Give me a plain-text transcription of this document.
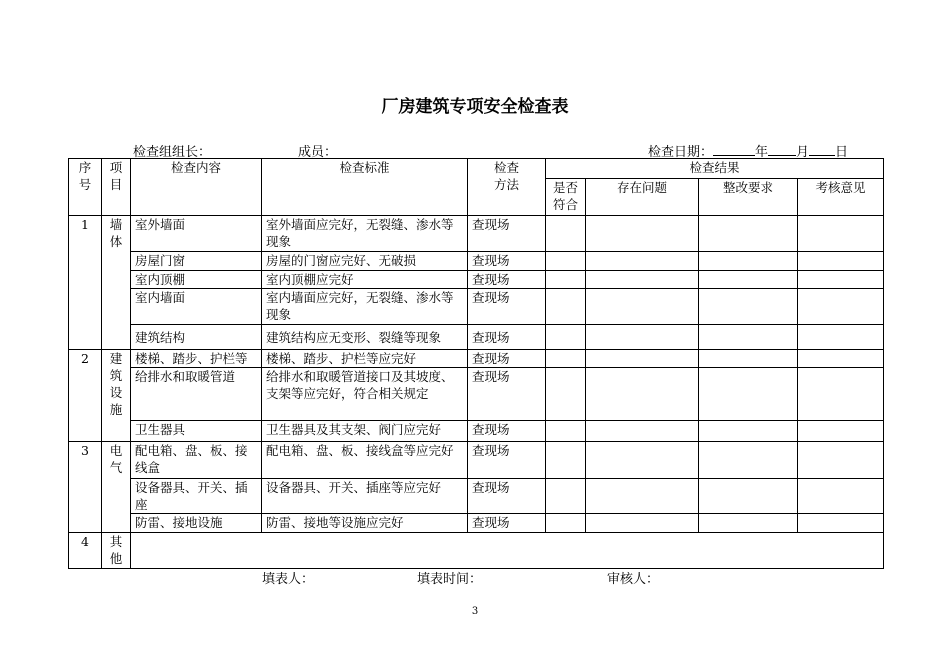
厂房建筑专项安全检查表
检查组组长：	成员：	检查日期：	年 月 日
序号	项目	检查内容	检查标准	检查方法	检查结果			

					是否符合	存在问题	整改要求	考核意见
1	墙体	室外墙面	室外墙面应完好，无裂缝、渗水等现象	查现场				
		房屋门窗	房屋的门窗应完好、无破损	查现场				
		室内顶棚	室内顶棚应完好	查现场				
		室内墙面	室内墙面应完好，无裂缝、渗水等现象	查现场				
		建筑结构	建筑结构应无变形、裂缝等现象	查现场				
2	建筑设施	楼梯、踏步、护栏等	楼梯、踏步、护栏等应完好	查现场				
		给排水和取暖管道	给排水和取暖管道接口及其坡度、支架等应完好，符合相关规定	查现场				
		卫生器具	卫生器具及其支架、阀门应完好	查现场				
3	电气	配电箱、盘、板、接线盒	配电箱、盘、板、接线盒等应完好	查现场				
		设备器具、开关、插座	设备器具、开关、插座等应完好	查现场				
		防雷、接地设施	防雷、接地等设施应完好	查现场				
4	其他							

填表人：	填表时间：	审核人：
3
